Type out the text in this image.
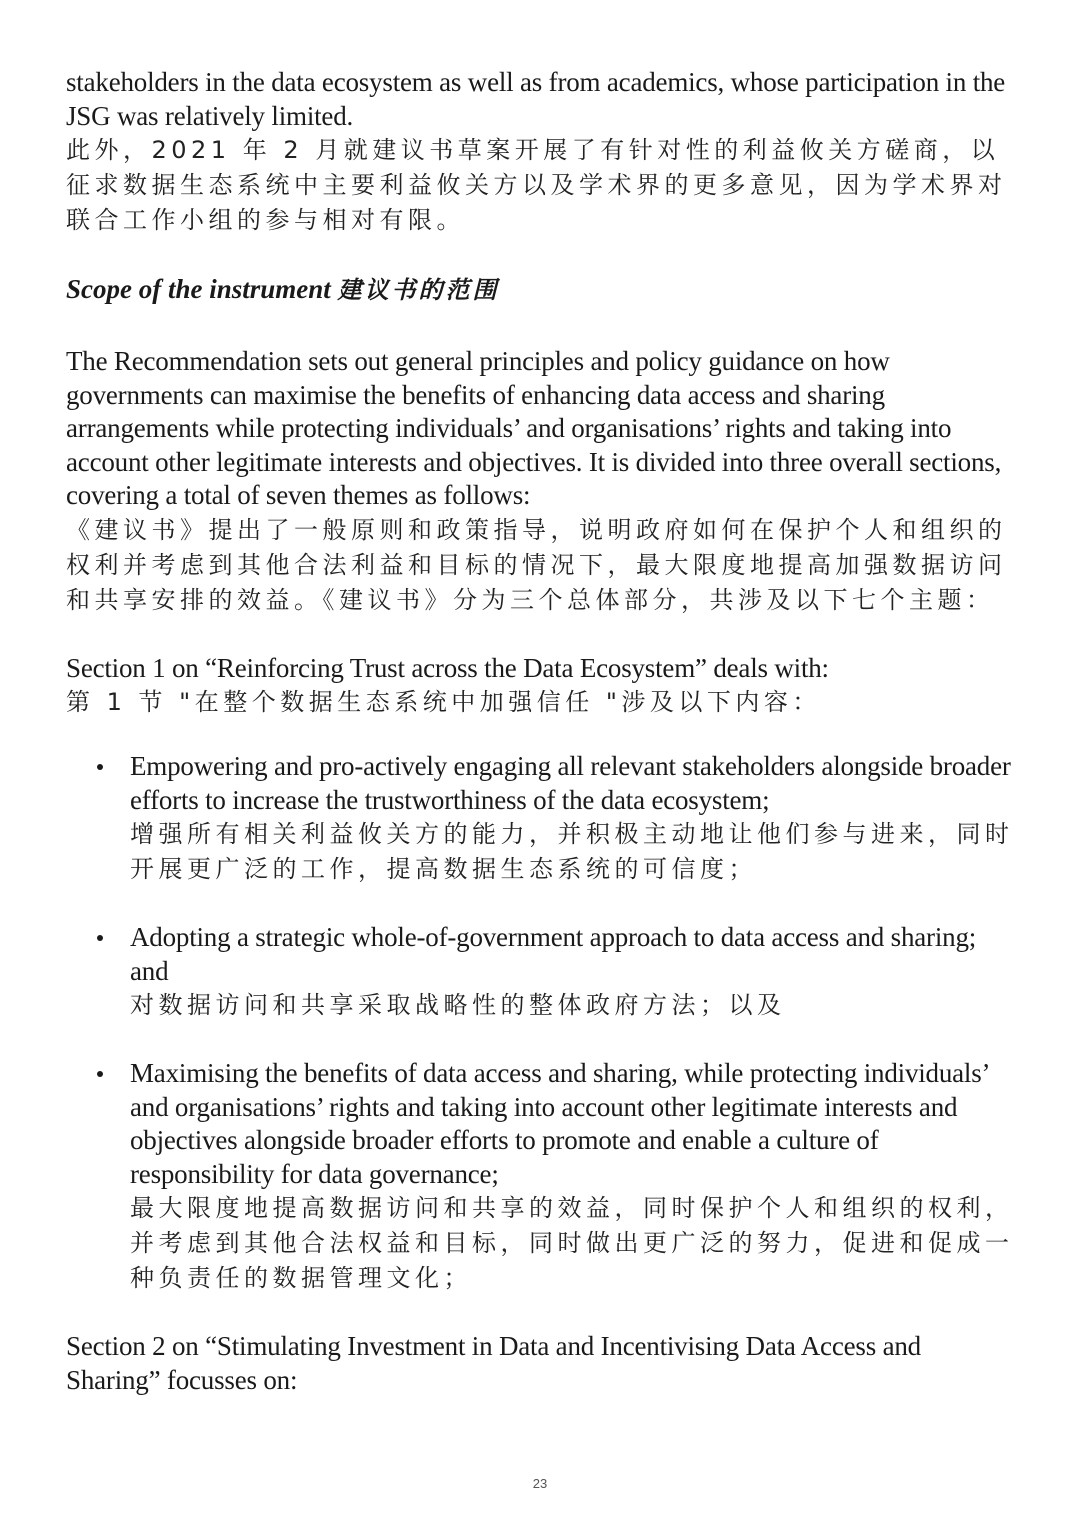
stakeholders in the data ecosystem as well as from academics, whose participation in the JSG was relatively limited.

此外，2021 年 2 月就建议书草案开展了有针对性的利益攸关方磋商，以征求数据生态系统中主要利益攸关方以及学术界的更多意见，因为学术界对联合工作小组的参与相对有限。

Scope of the instrument 建议书的范围

The Recommendation sets out general principles and policy guidance on how governments can maximise the benefits of enhancing data access and sharing arrangements while protecting individuals’ and organisations’ rights and taking into account other legitimate interests and objectives. It is divided into three overall sections, covering a total of seven themes as follows:

《建议书》提出了一般原则和政策指导，说明政府如何在保护个人和组织的权利并考虑到其他合法利益和目标的情况下，最大限度地提高加强数据访问和共享安排的效益。《建议书》分为三个总体部分，共涉及以下七个主题：

Section 1 on “Reinforcing Trust across the Data Ecosystem” deals with:

第 1 节 "在整个数据生态系统中加强信任 "涉及以下内容：

Empowering and pro-actively engaging all relevant stakeholders alongside broader efforts to increase the trustworthiness of the data ecosystem;

增强所有相关利益攸关方的能力，并积极主动地让他们参与进来，同时开展更广泛的工作，提高数据生态系统的可信度；

Adopting a strategic whole-of-government approach to data access and sharing; and

对数据访问和共享采取战略性的整体政府方法；以及

Maximising the benefits of data access and sharing, while protecting individuals’ and organisations’ rights and taking into account other legitimate interests and objectives alongside broader efforts to promote and enable a culture of responsibility for data governance;

最大限度地提高数据访问和共享的效益，同时保护个人和组织的权利，并考虑到其他合法权益和目标，同时做出更广泛的努力，促进和促成一种负责任的数据管理文化；

Section 2 on “Stimulating Investment in Data and Incentivising Data Access and Sharing” focusses on:

23
